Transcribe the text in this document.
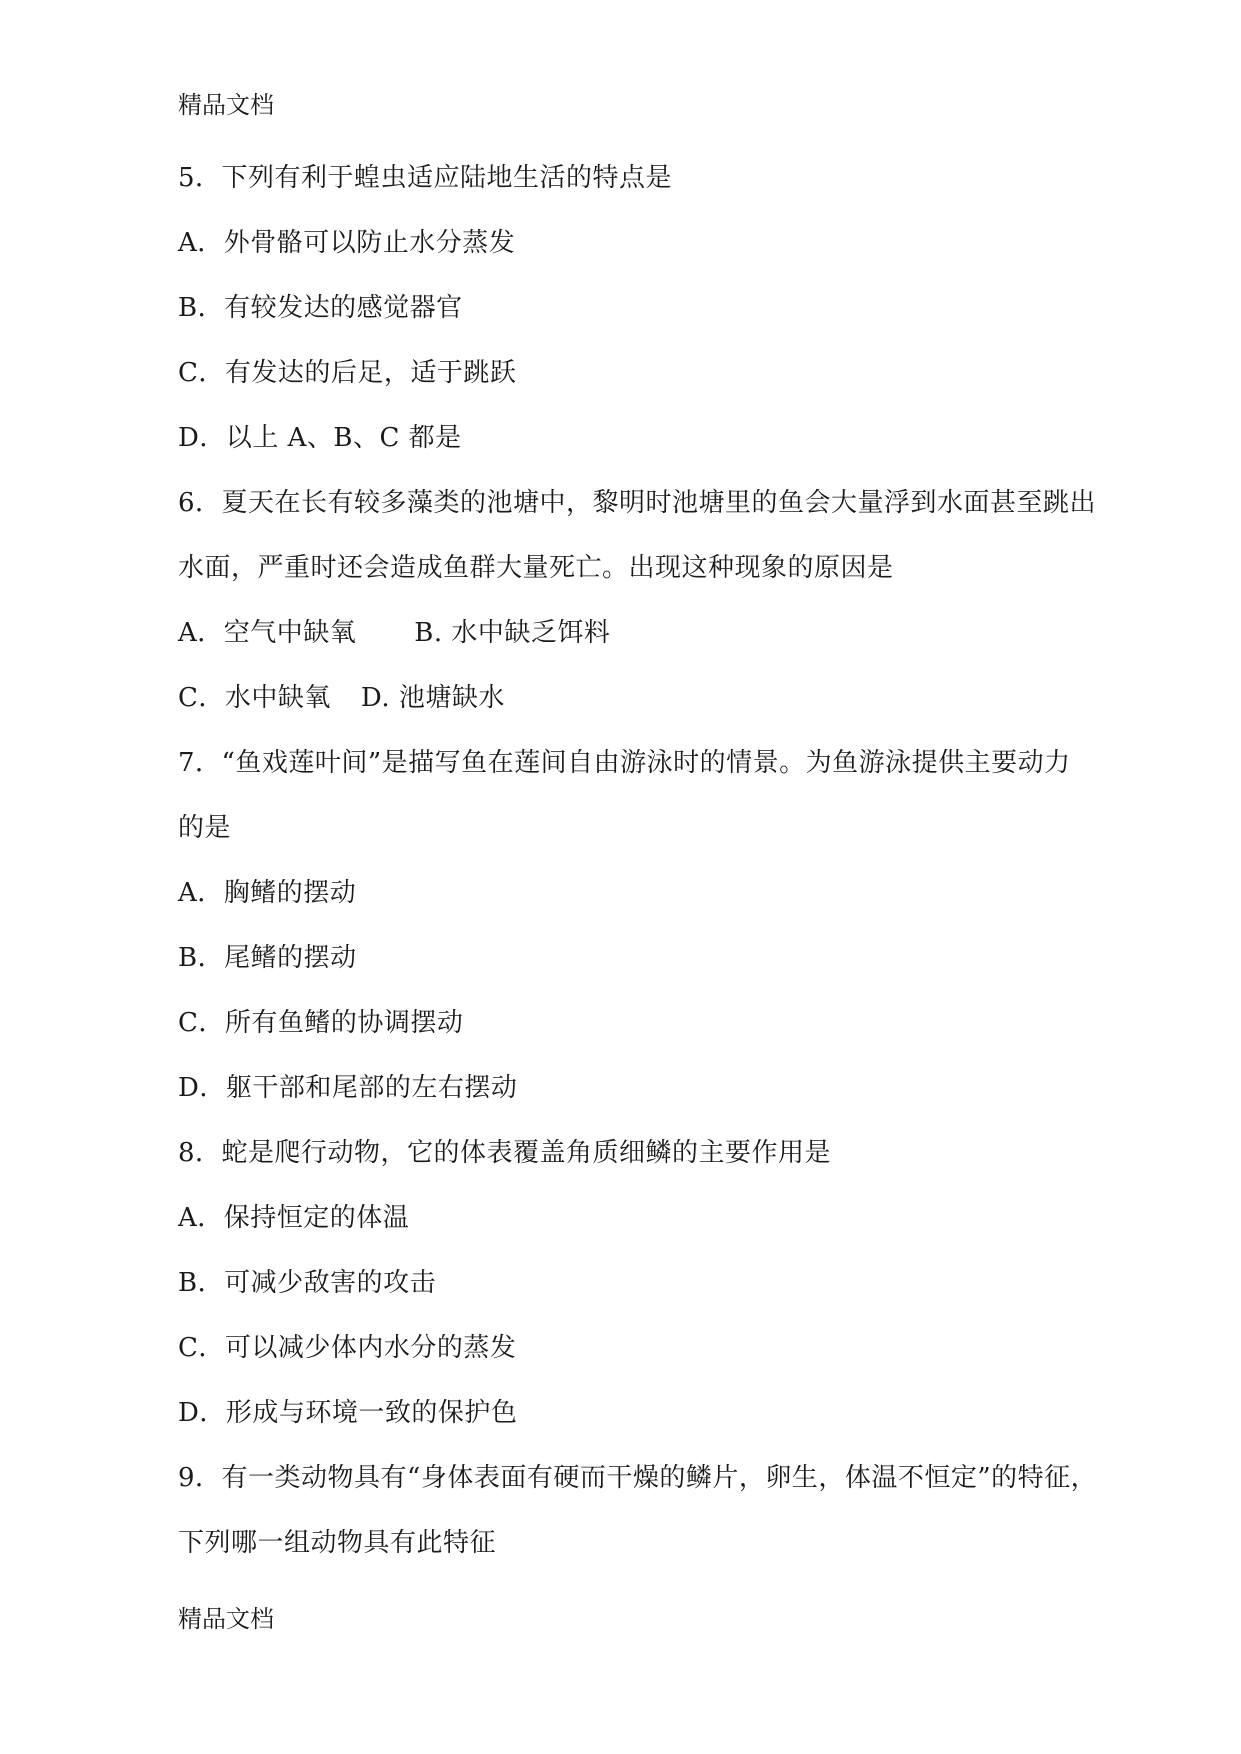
精品文档
5．下列有利于蝗虫适应陆地生活的特点是
A．外骨骼可以防止水分蒸发
B．有较发达的感觉器官
C．有发达的后足，适于跳跃
D．以上 A、B、C 都是
6．夏天在长有较多藻类的池塘中，黎明时池塘里的鱼会大量浮到水面甚至跳出
水面，严重时还会造成鱼群大量死亡。出现这种现象的原因是
A．空气中缺氧 B. 水中缺乏饵料
C．水中缺氧 D. 池塘缺水
7．“鱼戏莲叶间”是描写鱼在莲间自由游泳时的情景。为鱼游泳提供主要动力
的是
A．胸鳍的摆动
B．尾鳍的摆动
C．所有鱼鳍的协调摆动
D．躯干部和尾部的左右摆动
8．蛇是爬行动物，它的体表覆盖角质细鳞的主要作用是
A．保持恒定的体温
B．可减少敌害的攻击
C．可以减少体内水分的蒸发
D．形成与环境一致的保护色
9．有一类动物具有“身体表面有硬而干燥的鳞片，卵生，体温不恒定”的特征，
下列哪一组动物具有此特征
精品文档
